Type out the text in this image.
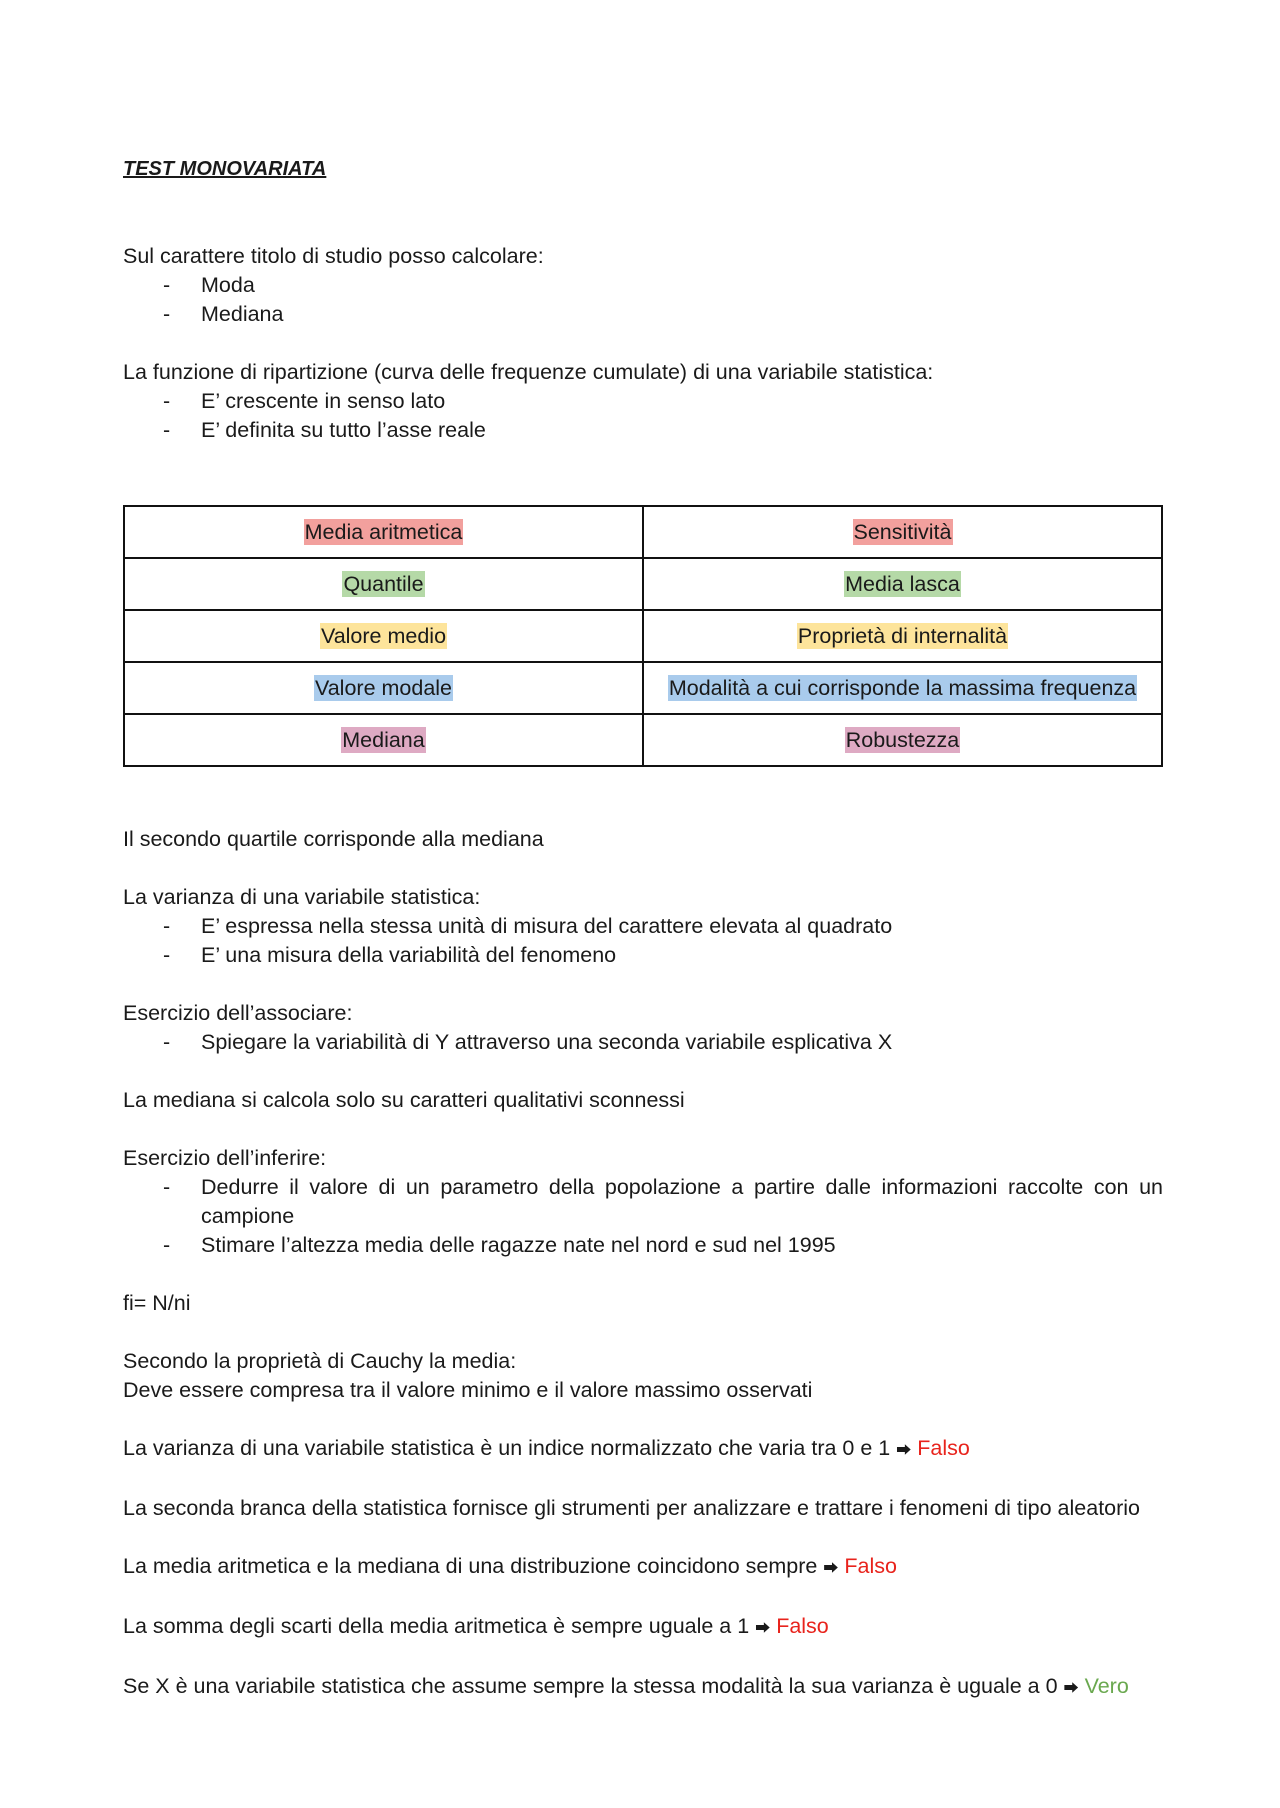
TEST MONOVARIATA

Sul carattere titolo di studio posso calcolare:

- Moda
- Mediana

La funzione di ripartizione (curva delle frequenze cumulate) di una variabile statistica:

- E’ crescente in senso lato
- E’ definita su tutto l’asse reale
Media aritmetica	Sensitività
Quantile	Media lasca
Valore medio	Proprietà di internalità
Valore modale	Modalità a cui corrisponde la massima frequenza
Mediana	Robustezza

Il secondo quartile corrisponde alla mediana

La varianza di una variabile statistica:

- E’ espressa nella stessa unità di misura del carattere elevata al quadrato
- E’ una misura della variabilità del fenomeno

Esercizio dell’associare:

- Spiegare la variabilità di Y attraverso una seconda variabile esplicativa X

La mediana si calcola solo su caratteri qualitativi sconnessi

Esercizio dell’inferire:

- Dedurre il valore di un parametro della popolazione a partire dalle informazioni raccolte con un campione
- Stimare l’altezza media delle ragazze nate nel nord e sud nel 1995

fi= N/ni

Secondo la proprietà di Cauchy la media:

Deve essere compresa tra il valore minimo e il valore massimo osservati

La varianza di una variabile statistica è un indice normalizzato che varia tra 0 e 1 ⮕ Falso

La seconda branca della statistica fornisce gli strumenti per analizzare e trattare i fenomeni di tipo aleatorio

La media aritmetica e la mediana di una distribuzione coincidono sempre ⮕ Falso

La somma degli scarti della media aritmetica è sempre uguale a 1 ⮕ Falso

Se X è una variabile statistica che assume sempre la stessa modalità la sua varianza è uguale a 0 ⮕ Vero
